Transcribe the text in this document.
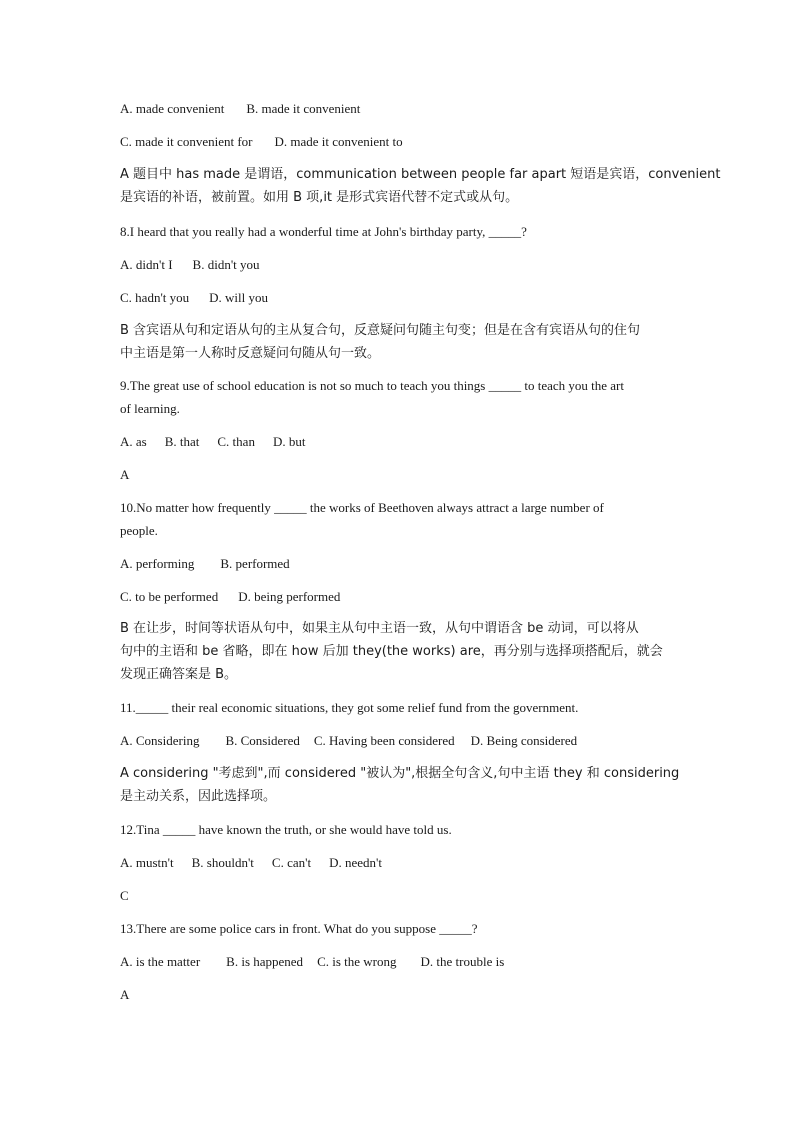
A. made convenient B. made it convenient
C. made it convenient for D. made it convenient to
A 题目中 has made 是谓语，communication between people far apart 短语是宾语，convenient
是宾语的补语，被前置。如用 B 项,it 是形式宾语代替不定式或从句。
8.I heard that you really had a wonderful time at John's birthday party, _____?
A. didn't I B. didn't you
C. hadn't you D. will you
B 含宾语从句和定语从句的主从复合句，反意疑问句随主句变；但是在含有宾语从句的住句
中主语是第一人称时反意疑问句随从句一致。
9.The great use of school education is not so much to teach you things _____ to teach you the art
of learning.
A. as B. that C. than D. but
A
10.No matter how frequently _____ the works of Beethoven always attract a large number of
people.
A. performing B. performed
C. to be performed D. being performed
B 在让步，时间等状语从句中，如果主从句中主语一致，从句中谓语含 be 动词，可以将从
句中的主语和 be 省略，即在 how 后加 they(the works) are，再分别与选择项搭配后，就会
发现正确答案是 B。
11._____ their real economic situations, they got some relief fund from the government.
A. Considering B. Considered C. Having been considered D. Being considered
A considering "考虑到",而 considered "被认为",根据全句含义,句中主语 they 和 considering
是主动关系，因此选择项。
12.Tina _____ have known the truth, or she would have told us.
A. mustn't B. shouldn't C. can't D. needn't
C
13.There are some police cars in front. What do you suppose _____?
A. is the matter B. is happened C. is the wrong D. the trouble is
A
